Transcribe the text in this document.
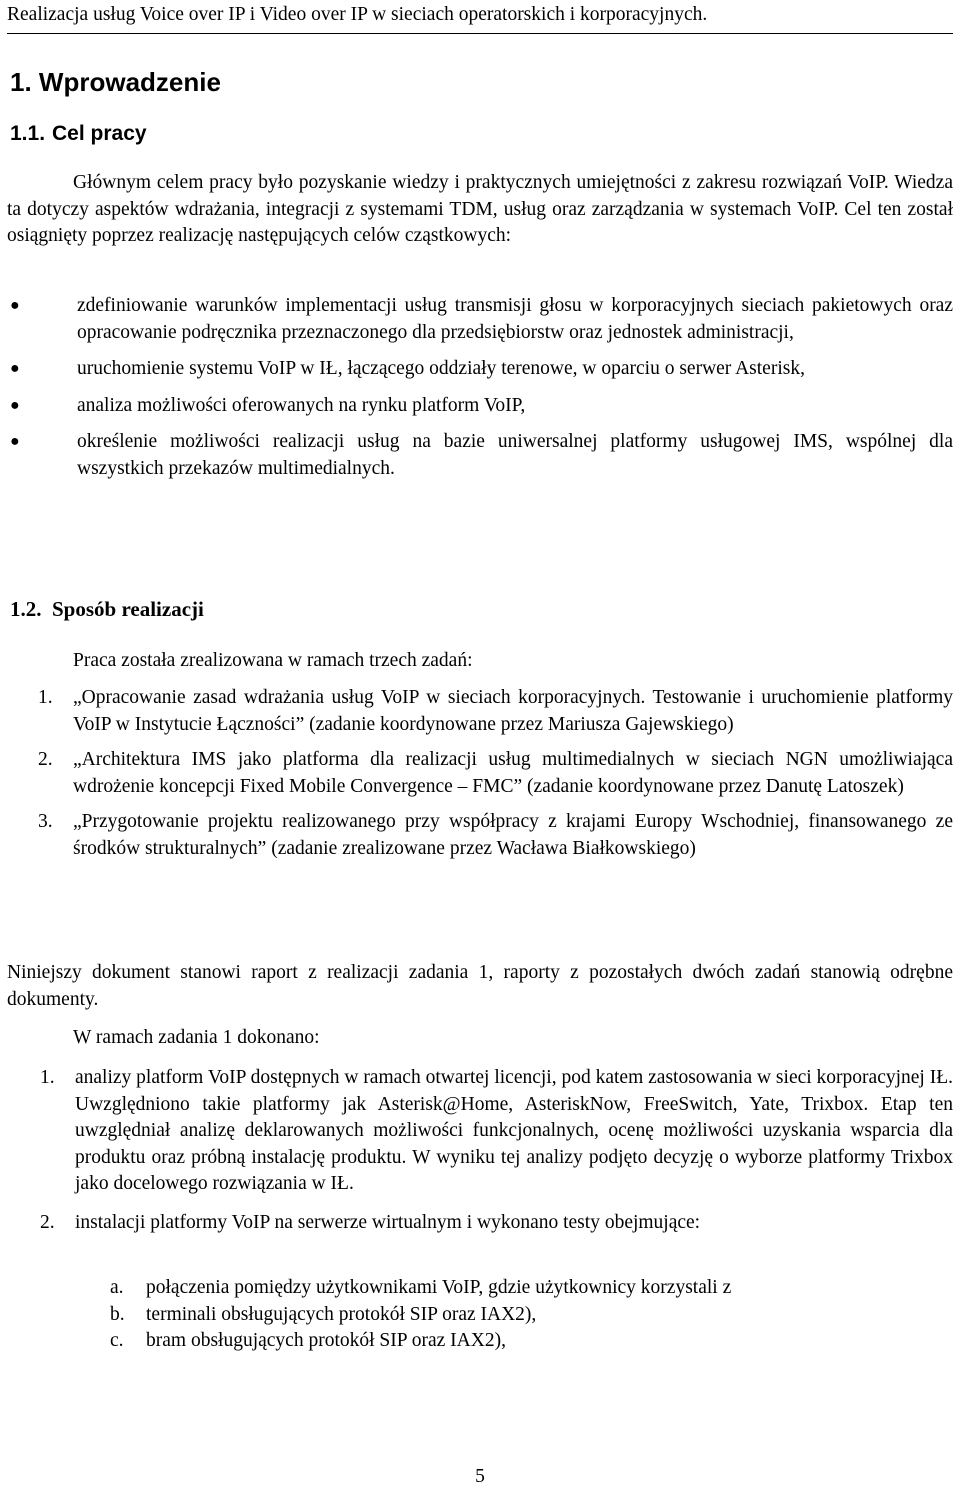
Realizacja usług Voice over IP i Video over IP w sieciach operatorskich i korporacyjnych.
1. Wprowadzenie
1.1. Cel pracy
Głównym celem pracy było pozyskanie wiedzy i praktycznych umiejętności z zakresu rozwiązań VoIP. Wiedza ta dotyczy aspektów wdrażania, integracji z systemami TDM, usług oraz zarządzania w systemach VoIP. Cel ten został osiągnięty poprzez realizację następujących celów cząstkowych:
●	zdefiniowanie warunków implementacji usług transmisji głosu w korporacyjnych sieciach pakietowych oraz opracowanie podręcznika przeznaczonego dla przedsiębiorstw oraz jednostek administracji,
●	uruchomienie systemu VoIP w IŁ, łączącego oddziały terenowe, w oparciu o serwer Asterisk,
●	analiza możliwości oferowanych na rynku platform VoIP,
●	określenie możliwości realizacji usług na bazie uniwersalnej platformy usługowej IMS, wspólnej dla wszystkich przekazów multimedialnych.
1.2. Sposób realizacji
Praca została zrealizowana w ramach trzech zadań:
1. „Opracowanie zasad wdrażania usług VoIP w sieciach korporacyjnych. Testowanie i uruchomienie platformy VoIP w Instytucie Łączności” (zadanie koordynowane przez Mariusza Gajewskiego)
2. „Architektura IMS jako platforma dla realizacji usług multimedialnych w sieciach NGN umożliwiająca wdrożenie koncepcji Fixed Mobile Convergence – FMC” (zadanie koordynowane przez Danutę Latoszek)
3. „Przygotowanie projektu realizowanego przy współpracy z krajami Europy Wschodniej, finansowanego ze środków strukturalnych” (zadanie zrealizowane przez Wacława Białkowskiego)
Niniejszy dokument stanowi raport z realizacji zadania 1, raporty z pozostałych dwóch zadań stanowią odrębne dokumenty.
W ramach zadania 1 dokonano:
1. analizy platform VoIP dostępnych w ramach otwartej licencji, pod katem zastosowania w sieci korporacyjnej IŁ. Uwzględniono takie platformy jak Asterisk@Home, AsteriskNow, FreeSwitch, Yate, Trixbox. Etap ten uwzględniał analizę deklarowanych możliwości funkcjonalnych, ocenę możliwości uzyskania wsparcia dla produktu oraz próbną instalację produktu. W wyniku tej analizy podjęto decyzję o wyborze platformy Trixbox jako docelowego rozwiązania w IŁ.
2. instalacji platformy VoIP na serwerze wirtualnym i wykonano testy obejmujące:
a. połączenia pomiędzy użytkownikami VoIP, gdzie użytkownicy korzystali z
b. terminali obsługujących protokół SIP oraz IAX2),
c. bram obsługujących protokół SIP oraz IAX2),
5
